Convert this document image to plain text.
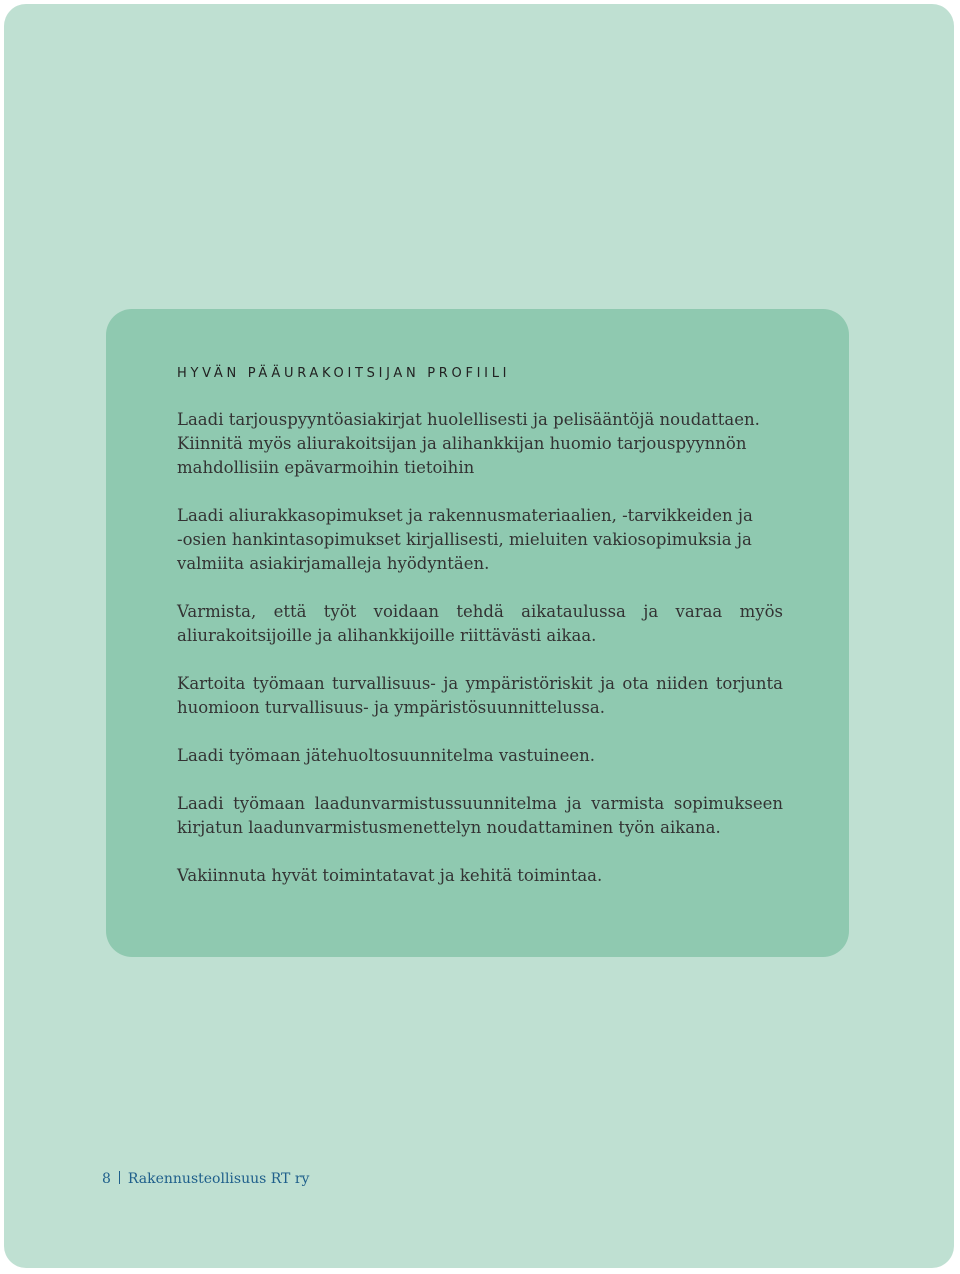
HYVÄN PÄÄURAKOITSIJAN PROFIILI

Laadi tarjouspyyntöasiakirjat huolellisesti ja pelisääntöjä noudattaen.
Kiinnitä myös aliurakoitsijan ja alihankkijan huomio tarjouspyynnön
mahdollisiin epävarmoihin tietoihin

Laadi aliurakkasopimukset ja rakennusmateriaalien, -tarvikkeiden ja
-osien hankintasopimukset kirjallisesti, mieluiten vakiosopimuksia ja
valmiita asiakirjamalleja hyödyntäen.

Varmista, että työt voidaan tehdä aikataulussa ja varaa myös aliurakoitsijoille ja alihankkijoille riittävästi aikaa.

Kartoita työmaan turvallisuus- ja ympäristöriskit ja ota niiden torjunta huomioon turvallisuus- ja ympäristösuunnittelussa.

Laadi työmaan jätehuoltosuunnitelma vastuineen.

Laadi työmaan laadunvarmistussuunnitelma ja varmista sopimukseen kirjatun laadunvarmistusmenettelyn noudattaminen työn aikana.

Vakiinnuta hyvät toimintatavat ja kehitä toimintaa.

8 Rakennusteollisuus RT ry
